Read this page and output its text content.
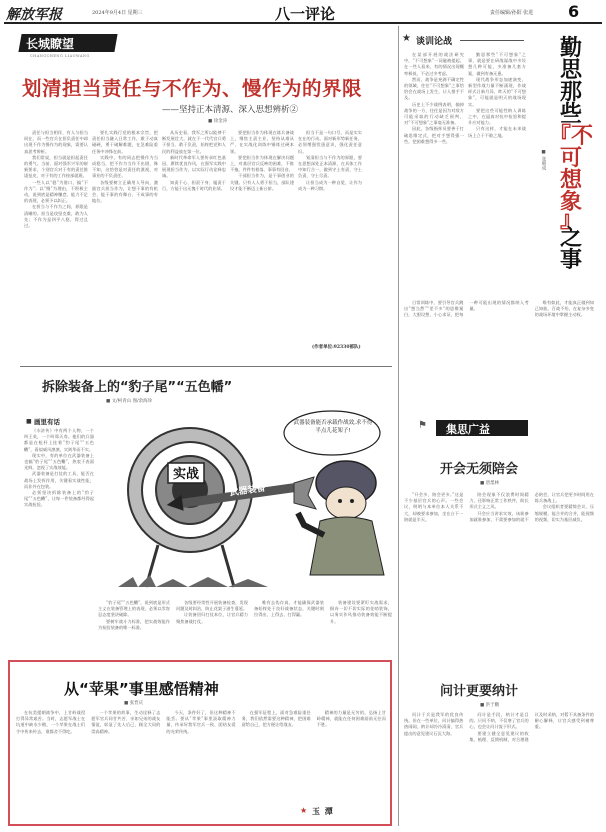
解放军报	2024年9月4日 星期三	八一评论	责任编辑/孙阳 张进 6
长城瞭望
CHANGCHENG LIAOWANG
划清担当责任与不作为、慢作为的界限
——坚持正本清源、深入思想辨析②
■ 徐金涛

责任与担当相伴，有人与担当同在，而一些官兵在担负责任中却出现不作为慢作为的现象，需要认真思考辨析。

我们常说，担当就是担起责任的勇气。当前，面对强军兴军的崭新要求，个别官兵对于有的责任推诿扯皮，对于有的工作按部就班。

一些人以“稳”为借口，搞“不作为”；以“慢”为理由，不积极主动，说到底是精神懈怠、能力不足的表现，必须予以纠正。

在担当与不作为之间，界限是清晰的。担当是攻坚克难，敢为人先；不作为是四平八稳，得过且过。

要扎实践行党的根本宗旨，把责任担当融入日常工作，敢于动真碰硬，勇于破解难题，在急难险重任务中冲锋在前。

实践中，有的同志把慢作为当成稳当，把不作为当作不出错，殊不知，这恰恰是对责任的漠视，对事业的不负责任。

各级要树立正确用人导向，激励官兵担当作为，让想干事的有机会、能干事的有舞台、干成事的有地位。

从历史看，我军之所以能够不断发展壮大，就在于一代代官兵勇于担当、敢于负责，始终把党和人民的利益放在第一位。

新时代革命军人要传承红色基因，赓续优良作风，在强军实践中展现担当作为，以实际行动诠释忠诚。

知责于心、担责于身、履责于行，方能干出无愧于时代的业绩。

要把担当作为体现在练兵备战上，聚焦主责主业，坚持从难从严，在实战化训练中锤炼过硬本领。

要把担当作为体现在解决问题上，对基层官兵反映的困难，不推不拖，件件有着落、事事有回音。

干部担当作为，是干事创业的关键。只有人人勇于担当，部队建设才能不断迈上新台阶。

担当不是一句口号，而是实实在在的行动。面对新形势新任务，必须增强忧患意识，强化责任意识。

划清担当与不作为的界限，要在思想深处正本清源，在具体工作中知行合一，做到守土有责、守土负责、守土尽责。

让担当成为一种自觉，让作为成为一种习惯。

(作者单位:92330部队)
★ 谈训论战

在某部开展的战法研究中，“不可想象”一词屡被提起。在一些人看来，有的情况出现概率极低，不必过多考虑。

然而，战争是充满不确定性的领域，往往“不可想象”之事恰恰会在战场上发生，让人措手不及。

历史上不少战例表明，输掉战争的一方，往往是因为对敌方可能采取的行动缺乏预判，对“不可想象”之事毫无准备。

因此，各级指挥员要善于打破思维定式，把对手想得强一些，把困难想得多一些。

勤思那些“不可想象”之事，就是要在研战谋战中多设想几种可能，多准备几套方案，做到有备无患。

现代战争形态加速演变，新型作战力量不断涌现，作战样式日新月异，昨天的“不可想象”，可能就是明天的战场现实。

要把这些可能性纳入训练之中，在逼真对抗中检验和提升应对能力。

只有这样，才能在未来战场上立于不败之地。

■ 张朝成
勤
思
那
些
『不
可
想
象
』
之
事

日常训练中，要引导官兵跳出“想当然”“差不多”的思维窠臼，大胆设想、小心求证，把每一种可能出现的情况都纳入考量。

唯有如此，才能真正做到知己知彼，百战不殆，在复杂多变的战场环境中掌握主动权。

拆除装备上的“豹子尾”“五色幡”
■ 文/柯青山 图/余海珍
■ 画里有话

《水浒传》中有两个人物，一个叫王英，一个叫郑天寿。他们的兵器都是在枪杆上挂着“豹子尾”“五色幡”，看似威风凛凛，实则华而不实。

现实中，有的单位在武器装备上也搞“豹子尾”“五色幡”，热衷于表面光鲜，忽视了实战效能。

武器装备是打仗的工具，能否在战场上发挥作用，关键看实战性能，而非外在包装。

必须坚决拆除装备上的“豹子尾”“五色幡”，让每一件装备都经得起实战检验。

实战
武器装备
武器装备能否承载作战效,求不得半点儿花架子!

“豹子尾”“五色幡”，说到底是形式主义在装备管理上的表现，必须以零容忍态度坚决破除。

要树牢战斗力标准，把实战效能作为检验装备的唯一标准。

各级要经常性开展装备检查，发现问题及时纠治，防止花架子滋生蔓延。

让装备回归打仗本位，让官兵精力聚焦备战打仗。

唯有去伪存真，才能确保武器装备始终处于良好战备状态，关键时刻拉得出、上得去、打得赢。

装备建设要紧盯实战需求，摒弃一切不切实际的花哨装饰，以务实作风推动装备效能不断提升。

集思广益
⚑
开会无须陪会
■ 唐墨林

“开会多，陪会更多。”这是不少基层官兵的心声。一些会议，明明与本单位本人关系不大，却被要求参加，坐在台下一陪就是半天。

陪会现象不仅浪费时间精力，还影响正常工作秩序，助长形式主义之风。

开会应当讲求实效，该谁参加就谁参加，不需要参加的就不必陪会，让官兵把更多时间用在练兵备战上。

会议组织者要精简会议、压缩规模，能合并的合并，能视频的视频，切实为基层减负。

问计更要纳计
■ 洪于鹏

问计于兵是我军的优良传统。但在一些单位，问计搞得热热闹闹，纳计却冷冷清清，官兵提出的意见建议石沉大海。

问计是手段，纳计才是目的。只问不纳，不仅寒了官兵的心，也会让问计流于形式。

要建立健全意见建议的收集、梳理、反馈机制，对合理建议及时采纳，对暂不具备条件的耐心解释，让官兵感受到被尊重。

从“苹果”事里感悟精神
■ 张晋庆

在抗美援朝战争中，上甘岭战役打得异常艰苦。当时，志愿军战士在坑道中缺水少粮，一个苹果在战士们手中传来传去，谁都舍不得吃。

一个苹果的故事，生动诠释了志愿军官兵同甘共苦、亲如兄弟的战友情谊，彰显了先人后己、顾全大局的崇高精神。

今天，条件好了，但这种精神不能丢。要从“苹果”事里汲取精神力量，传承好我军官兵一致、团结友爱的光荣传统。

在强军征程上，面对急难险重任务，我们依然需要这种精神，把困难留给自己，把方便让给战友。

精神的力量是无穷的。弘扬上甘岭精神，就能在任何困难面前无往而不胜。

★ 玉 潭
